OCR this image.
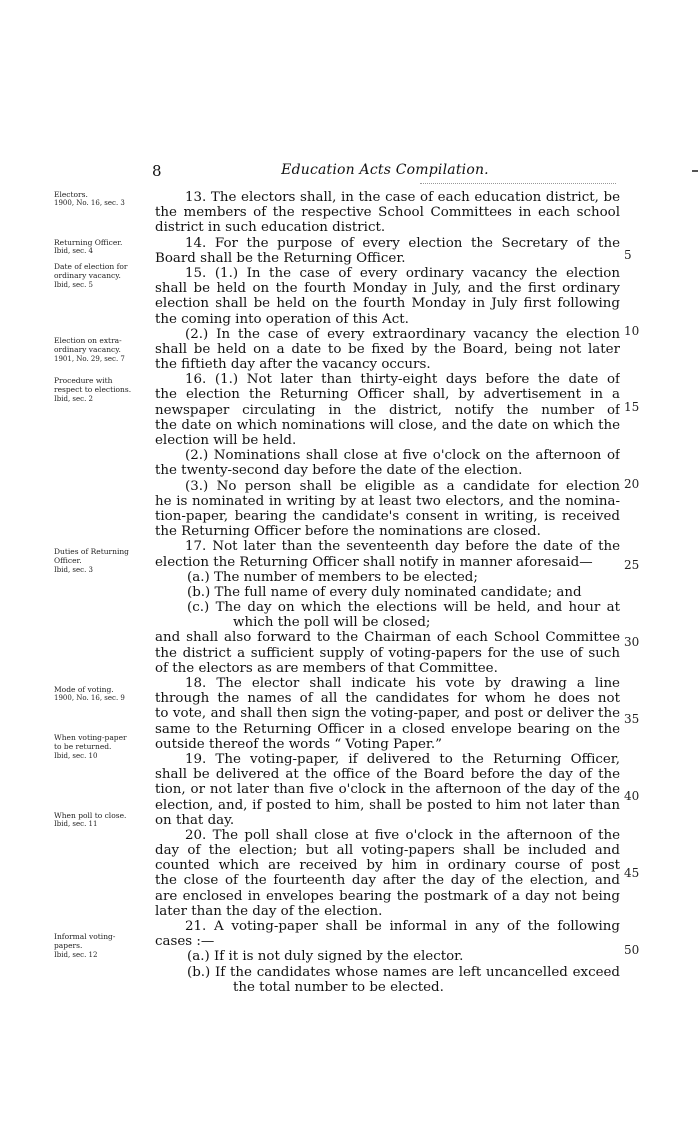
8	Education Acts Compilation.
Electors.
1900, No. 16, sec. 3
Returning Officer.
Ibid, sec. 4
Date of election for
ordinary vacancy.
Ibid, sec. 5
Election on extra-
ordinary vacancy.
1901, No. 29, sec. 7
Procedure with
respect to elections.
Ibid, sec. 2
Duties of Returning
Officer.
Ibid, sec. 3
Mode of voting.
1900, No. 16, sec. 9
When voting-paper
to be returned.
Ibid, sec. 10
When poll to close.
Ibid, sec. 11
Informal voting-
papers.
Ibid, sec. 12
13. The electors shall, in the case of each education district, be
the members of the respective School Committees in each school
district in such education district.
14. For the purpose of every election the Secretary of the
Board shall be the Returning Officer.
15. (1.) In the case of every ordinary vacancy the election
shall be held on the fourth Monday in July, and the first ordinary
election shall be held on the fourth Monday in July first following
the coming into operation of this Act.
(2.) In the case of every extraordinary vacancy the election
shall be held on a date to be fixed by the Board, being not later
the fiftieth day after the vacancy occurs.
16. (1.) Not later than thirty-eight days before the date of
the election the Returning Officer shall, by advertisement in a
newspaper circulating in the district, notify the number of
the date on which nominations will close, and the date on which the
election will be held.
(2.) Nominations shall close at five o'clock on the afternoon of
the twenty-second day before the date of the election.
(3.) No person shall be eligible as a candidate for election
he is nominated in writing by at least two electors, and the nomina-
tion-paper, bearing the candidate's consent in writing, is received
the Returning Officer before the nominations are closed.
17. Not later than the seventeenth day before the date of the
election the Returning Officer shall notify in manner aforesaid—
(a.) The number of members to be elected;
(b.) The full name of every duly nominated candidate; and
(c.) The day on which the elections will be held, and hour at
which the poll will be closed;
and shall also forward to the Chairman of each School Committee
the district a sufficient supply of voting-papers for the use of such
of the electors as are members of that Committee.
18. The elector shall indicate his vote by drawing a line
through the names of all the candidates for whom he does not
to vote, and shall then sign the voting-paper, and post or deliver the
same to the Returning Officer in a closed envelope bearing on the
outside thereof the words “ Voting Paper.”
19. The voting-paper, if delivered to the Returning Officer,
shall be delivered at the office of the Board before the day of the
tion, or not later than five o'clock in the afternoon of the day of the
election, and, if posted to him, shall be posted to him not later than
on that day.
20. The poll shall close at five o'clock in the afternoon of the
day of the election; but all voting-papers shall be included and
counted which are received by him in ordinary course of post
the close of the fourteenth day after the day of the election, and
are enclosed in envelopes bearing the postmark of a day not being
later than the day of the election.
21. A voting-paper shall be informal in any of the following
cases :—
(a.) If it is not duly signed by the elector.
(b.) If the candidates whose names are left uncancelled exceed
the total number to be elected.
5
10
15
20
25
30
35
40
45
50
